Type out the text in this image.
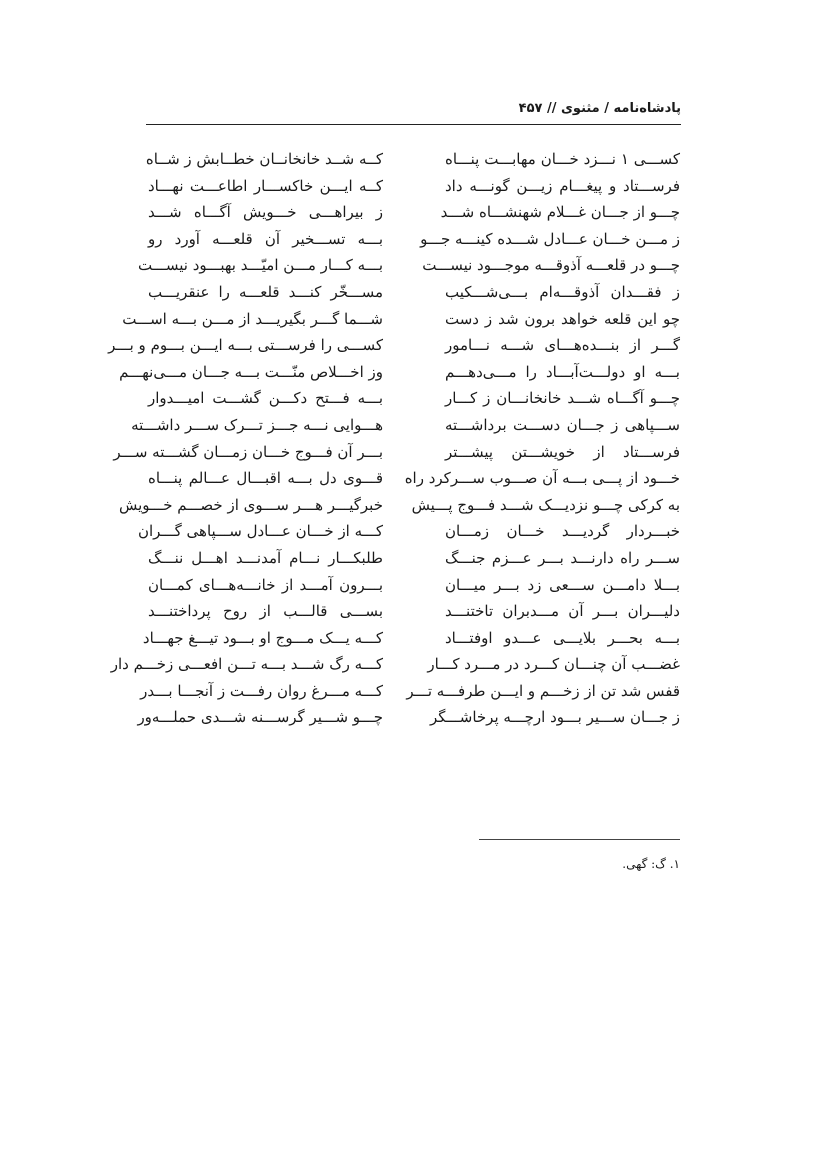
پادشاه‌نامه / مثنوی // ۴۵۷
کســـی ۱ نـــزد خـــان مهابـــت پنـــاه
کــه شــد خانخانــان خطــابش ز شــاه
فرســـتاد و پیغـــام زیـــن گونـــه داد
کــه ایـــن خاکســـار اطاعـــت نهـــاد
چـــو از جـــان غـــلام شهنشـــاه شـــد
ز بیراهـــی خـــویش آگـــاه شـــد
ز مـــن خـــان عـــادل شـــده کینـــه جـــو
بـــه تســـخیر آن قلعـــه آورد رو
چـــو در قلعـــه آذوقـــه موجـــود نیســـت
بـــه کـــار مـــن امیّـــد بهبـــود نیســـت
ز فقـــدان آذوقـــه‌ام بـــی‌شـــکیب
مســـخّر کنـــد قلعـــه را عنقریـــب
چو این قلعه خواهد برون شد ز دست
شـــما گـــر بگیریـــد از مـــن بـــه اســـت
گـــر از بنـــده‌هـــای شـــه نـــامور
کســـی را فرســـتی بـــه ایـــن بـــوم و بـــر
بـــه او دولـــت‌آبـــاد را مـــی‌دهـــم
وز اخـــلاص منّـــت بـــه جـــان مـــی‌نهـــم
چـــو آگـــاه شـــد خانخانـــان ز کـــار
بـــه فـــتح دکـــن گشـــت امیـــدوار
ســـپاهی ز جـــان دســـت برداشـــته
هـــوایی نـــه جـــز تـــرک ســـر داشـــته
فرســـتاد از خویشـــتن پیشـــتر
بـــر آن فـــوج خـــان زمـــان گشـــته ســـر
خـــود از پـــی بـــه آن صـــوب ســـرکرد راه
قـــوی دل بـــه اقبـــال عـــالم پنـــاه
به کرکی چـــو نزدیـــک شـــد فـــوج پـــیش
خبرگیـــر هـــر ســـوی از خصـــم خـــویش
خبـــردار گردیـــد خـــان زمـــان
کـــه از خـــان عـــادل ســـپاهی گـــران
ســـر راه دارنـــد بـــر عـــزم جنـــگ
طلبکـــار نـــام آمدنـــد اهـــل ننـــگ
بـــلا دامـــن ســـعی زد بـــر میـــان
بـــرون آمـــد از خانـــه‌هـــای کمـــان
دلیـــران بـــر آن مـــدبران تاختنـــد
بســـی قالـــب از روح پرداختنـــد
بـــه بحـــر بلایـــی عـــدو اوفتـــاد
کـــه یـــک مـــوج او بـــود تیـــغ جهـــاد
غضـــب آن چنـــان کـــرد در مـــرد کـــار
کـــه رگ شـــد بـــه تـــن افعـــی زخـــم دار
قفس شد تن از زخـــم و ایـــن طرفـــه تـــر
کـــه مـــرغ روان رفـــت ز آنجـــا بـــدر
ز جـــان ســـیر بـــود ارچـــه پرخاشـــگر
چـــو شـــیر گرســـنه شـــدی حملـــه‌ور
۱. گ: گهی.
